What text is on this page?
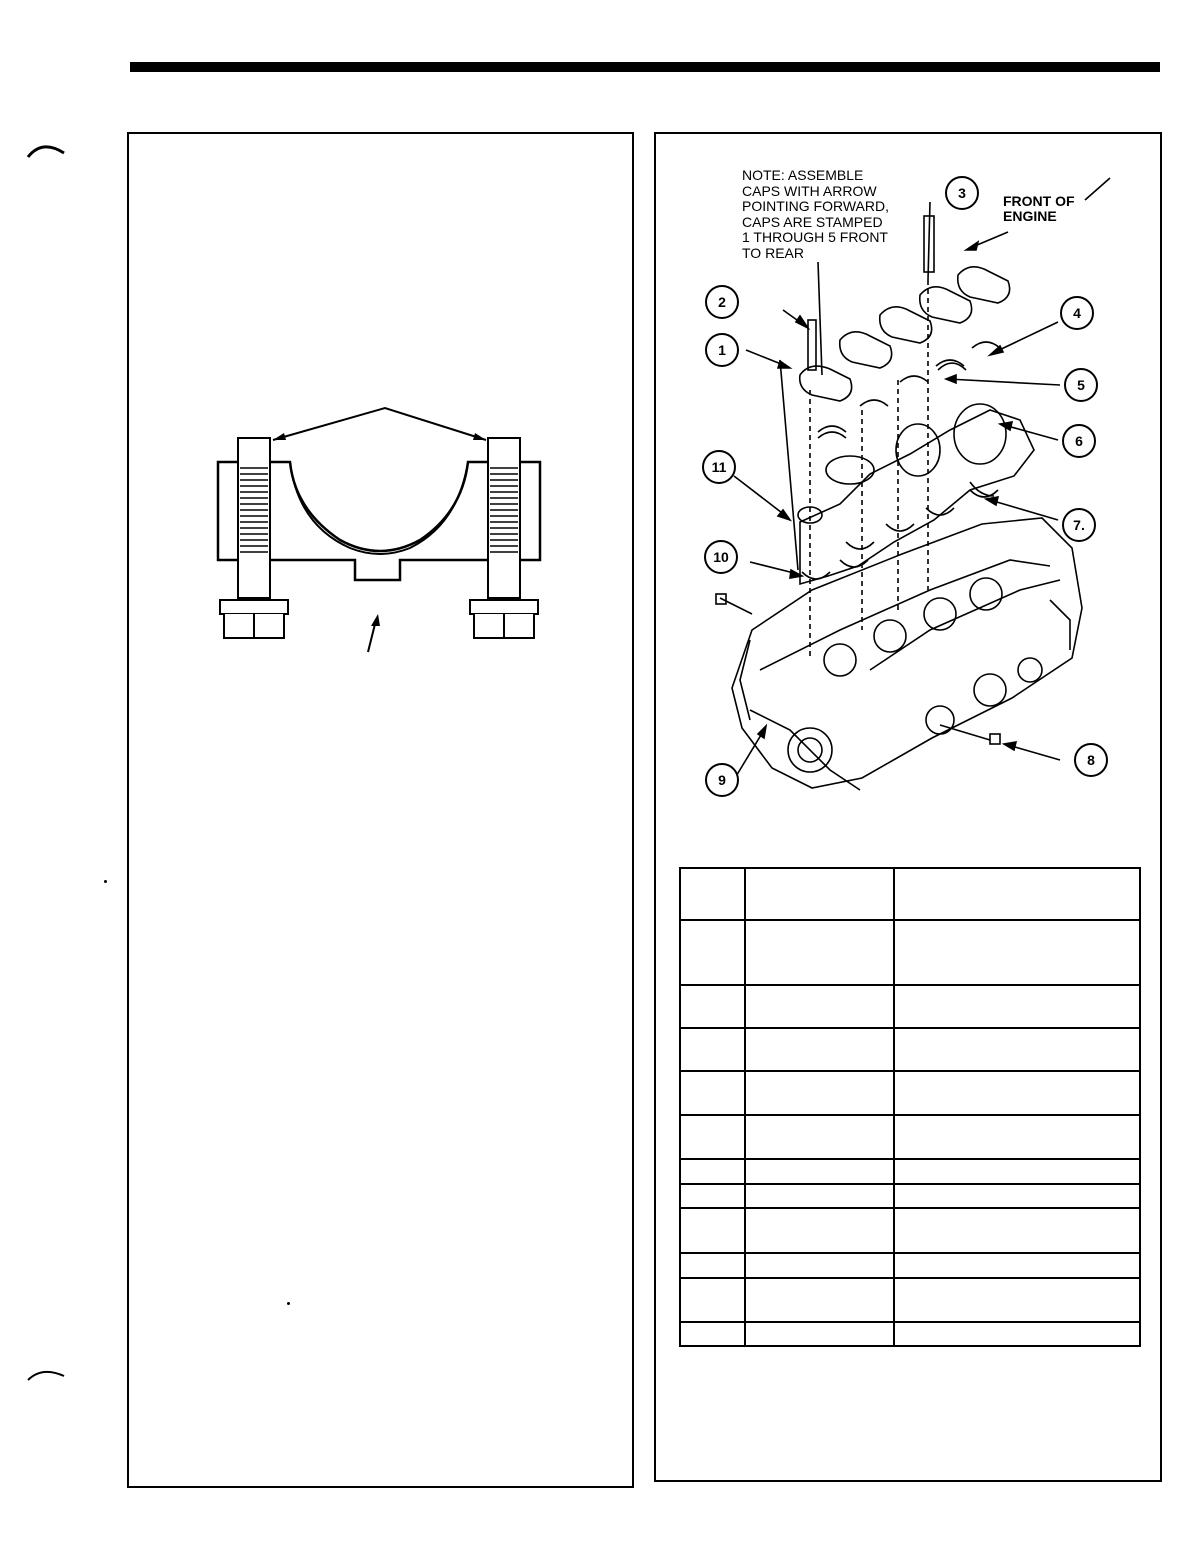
NOTE: ASSEMBLE
CAPS WITH ARROW
POINTING FORWARD,
CAPS ARE STAMPED
1 THROUGH 5 FRONT
TO REAR
FRONT OF
ENGINE
1
2
3
4
5
6
7.
8
9
10
11
